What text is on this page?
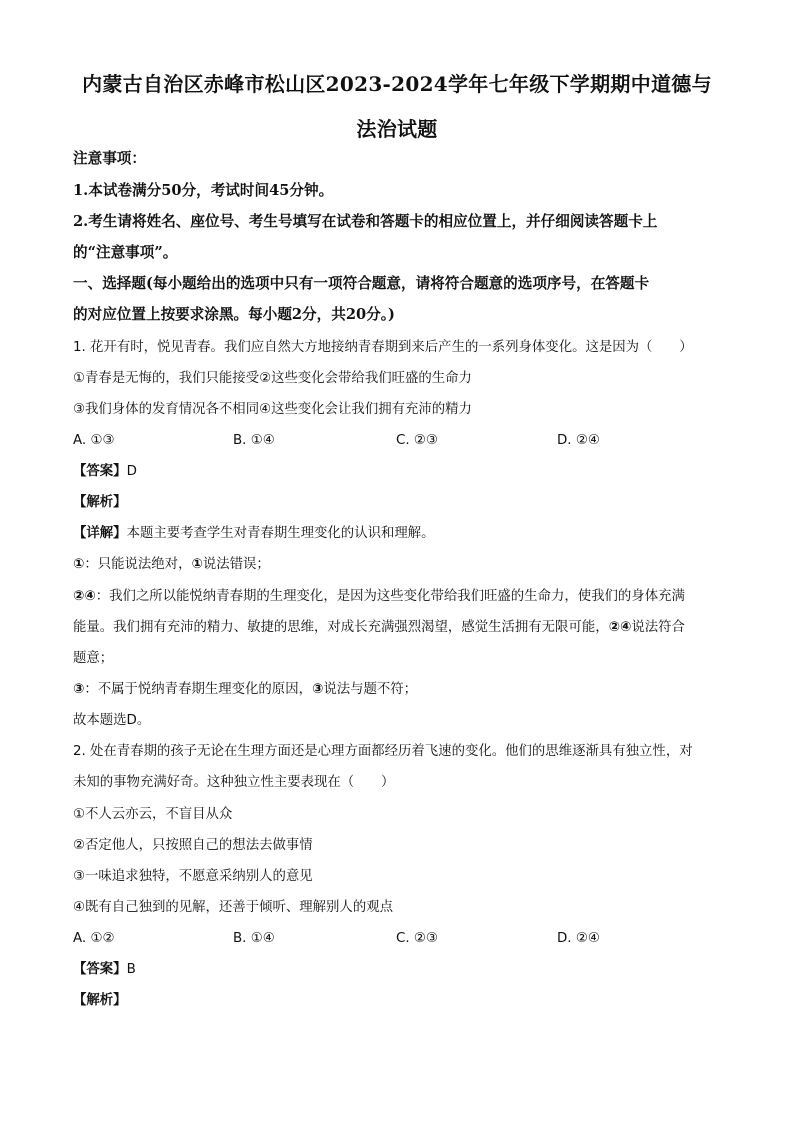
内蒙古自治区赤峰市松山区2023-2024学年七年级下学期期中道德与
法治试题
注意事项：
1.本试卷满分50分，考试时间45分钟。
2.考生请将姓名、座位号、考生号填写在试卷和答题卡的相应位置上，并仔细阅读答题卡上
的“注意事项”。
一、选择题(每小题给出的选项中只有一项符合题意，请将符合题意的选项序号，在答题卡
的对应位置上按要求涂黑。每小题2分，共20分。)
1. 花开有时，悦见青春。我们应自然大方地接纳青春期到来后产生的一系列身体变化。这是因为（　　）
①青春是无悔的，我们只能接受②这些变化会带给我们旺盛的生命力
③我们身体的发育情况各不相同④这些变化会让我们拥有充沛的精力
A. ①③	B. ①④	C. ②③	D. ②④
【答案】D
【解析】
【详解】本题主要考查学生对青春期生理变化的认识和理解。
①：只能说法绝对，①说法错误；
②④：我们之所以能悦纳青春期的生理变化，是因为这些变化带给我们旺盛的生命力，使我们的身体充满
能量。我们拥有充沛的精力、敏捷的思维，对成长充满强烈渴望，感觉生活拥有无限可能，②④说法符合
题意；
③：不属于悦纳青春期生理变化的原因，③说法与题不符；
故本题选D。
2. 处在青春期的孩子无论在生理方面还是心理方面都经历着飞速的变化。他们的思维逐渐具有独立性，对
未知的事物充满好奇。这种独立性主要表现在（　　）
①不人云亦云，不盲目从众
②否定他人，只按照自己的想法去做事情
③一味追求独特，不愿意采纳别人的意见
④既有自己独到的见解，还善于倾听、理解别人的观点
A. ①②	B. ①④	C. ②③	D. ②④
【答案】B
【解析】
